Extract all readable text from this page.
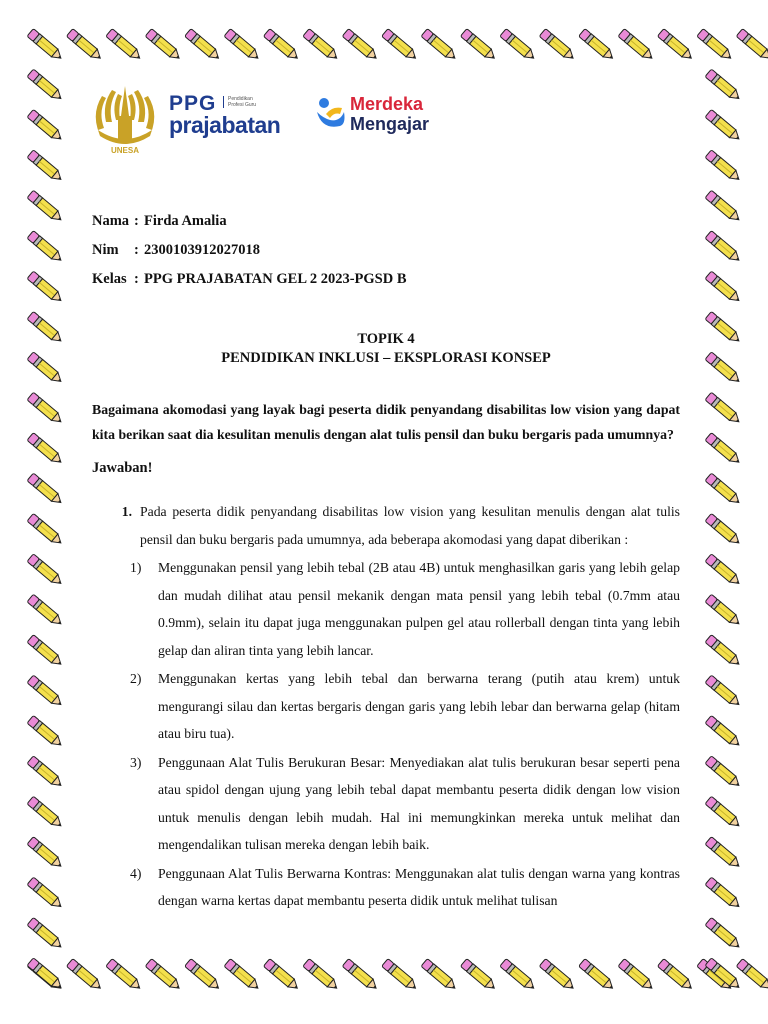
UNESA
PPG	Pendidikan Profesi Guru
prajabatan
Merdeka
Mengajar
Nama : Firda Amalia
Nim	: 2300103912027018
Kelas : PPG PRAJABATAN GEL 2 2023-PGSD B
TOPIK 4
PENDIDIKAN INKLUSI – EKSPLORASI KONSEP
Bagaimana akomodasi yang layak bagi peserta didik penyandang disabilitas low vision yang dapat kita berikan saat dia kesulitan menulis dengan alat tulis pensil dan buku bergaris pada umumnya?
Jawaban!
1. Pada peserta didik penyandang disabilitas low vision yang kesulitan menulis dengan alat tulis pensil dan buku bergaris pada umumnya, ada beberapa akomodasi yang dapat diberikan :
1)	Menggunakan pensil yang lebih tebal (2B atau 4B) untuk menghasilkan garis yang lebih gelap dan mudah dilihat atau pensil mekanik dengan mata pensil yang lebih tebal (0.7mm atau 0.9mm), selain itu dapat juga menggunakan pulpen gel atau rollerball dengan tinta yang lebih gelap dan aliran tinta yang lebih lancar.
2)	Menggunakan kertas yang lebih tebal dan berwarna terang (putih atau krem) untuk mengurangi silau dan kertas bergaris dengan garis yang lebih lebar dan berwarna gelap (hitam atau biru tua).
3)	Penggunaan Alat Tulis Berukuran Besar: Menyediakan alat tulis berukuran besar seperti pena atau spidol dengan ujung yang lebih tebal dapat membantu peserta didik dengan low vision untuk menulis dengan lebih mudah. Hal ini memungkinkan mereka untuk melihat dan mengendalikan tulisan mereka dengan lebih baik.
4)	Penggunaan Alat Tulis Berwarna Kontras: Menggunakan alat tulis dengan warna yang kontras dengan warna kertas dapat membantu peserta didik untuk melihat tulisan
